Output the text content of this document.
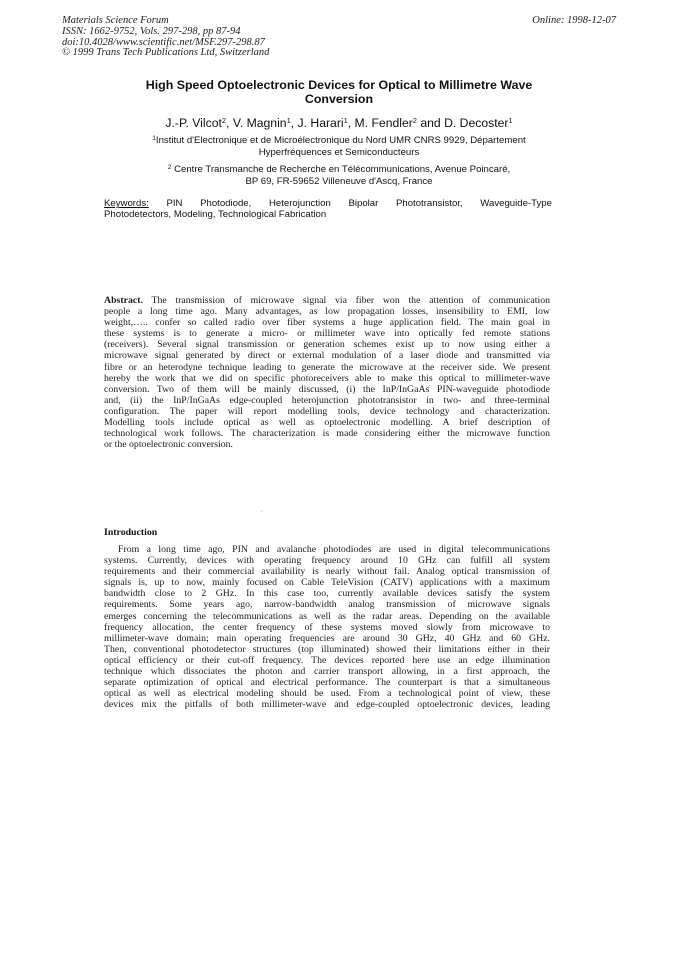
Materials Science Forum
ISSN: 1662-9752, Vols. 297-298, pp 87-94
doi:10.4028/www.scientific.net/MSF.297-298.87
© 1999 Trans Tech Publications Ltd, Switzerland
Online: 1998-12-07
High Speed Optoelectronic Devices for Optical to Millimetre Wave
Conversion
J.-P. Vilcot$^2$, V. Magnin$^1$, J. Harari$^1$, M. Fendler$^2$ and D. Decoster$^1$
$^1$Institut d'Electronique et de Microélectronique du Nord UMR CNRS 9929, Département
Hyperfréquences et Semiconducteurs
$^2$ Centre Transmanche de Recherche en Télécommunications, Avenue Poincaré,
BP 69, FR-59652 Villeneuve d'Ascq, France
Keywords: PIN Photodiode, Heterojunction Bipolar Phototransistor, Waveguide-Type
Photodetectors, Modeling, Technological Fabrication
Abstract. The transmission of microwave signal via fiber won the attention of communication
people a long time ago. Many advantages, as low propagation losses, insensibility to EMI, low
weight,….. confer so called radio over fiber systems a huge application field. The main goal in
these systems is to generate a micro- or millimeter wave into optically fed remote stations
(receivers). Several signal transmission or generation schemes exist up to now using either a
microwave signal generated by direct or external modulation of a laser diode and transmitted via
fibre or an heterodyne technique leading to generate the microwave at the receiver side. We present
hereby the work that we did on specific photoreceivers able to make this optical to millimeter-wave
conversion. Two of them will be mainly discussed, (i) the InP/InGaAs PIN-waveguide photodiode
and, (ii) the InP/InGaAs edge-coupled heterojunction phototransistor in two- and three-terminal
configuration. The paper will report modelling tools, device technology and characterization.
Modelling tools include optical as well as optoelectronic modelling. A brief description of
technological work follows. The characterization is made considering either the microwave function
or the optoelectronic conversion.
Introduction
From a long time ago, PIN and avalanche photodiodes are used in digital telecommunications
systems. Currently, devices with operating frequency around 10 GHz can fulfill all system
requirements and their commercial availability is nearly without fail. Analog optical transmission of
signals is, up to now, mainly focused on Cable TeleVision (CATV) applications with a maximum
bandwidth close to 2 GHz. In this case too, currently available devices satisfy the system
requirements. Some years ago, narrow-bandwidth analog transmission of microwave signals
emerges concerning the telecommunications as well as the radar areas. Depending on the available
frequency allocation, the center frequency of these systems moved slowly from microwave to
millimeter-wave domain; main operating frequencies are around 30 GHz, 40 GHz and 60 GHz.
Then, conventional photodetector structures (top illuminated) showed their limitations either in their
optical efficiency or their cut-off frequency. The devices reported here use an edge illumination
technique which dissociates the photon and carrier transport allowing, in a first approach, the
separate optimization of optical and electrical performance. The counterpart is that a simultaneous
optical as well as electrical modeling should be used. From a technological point of view, these
devices mix the pitfalls of both millimeter-wave and edge-coupled optoelectronic devices, leading
